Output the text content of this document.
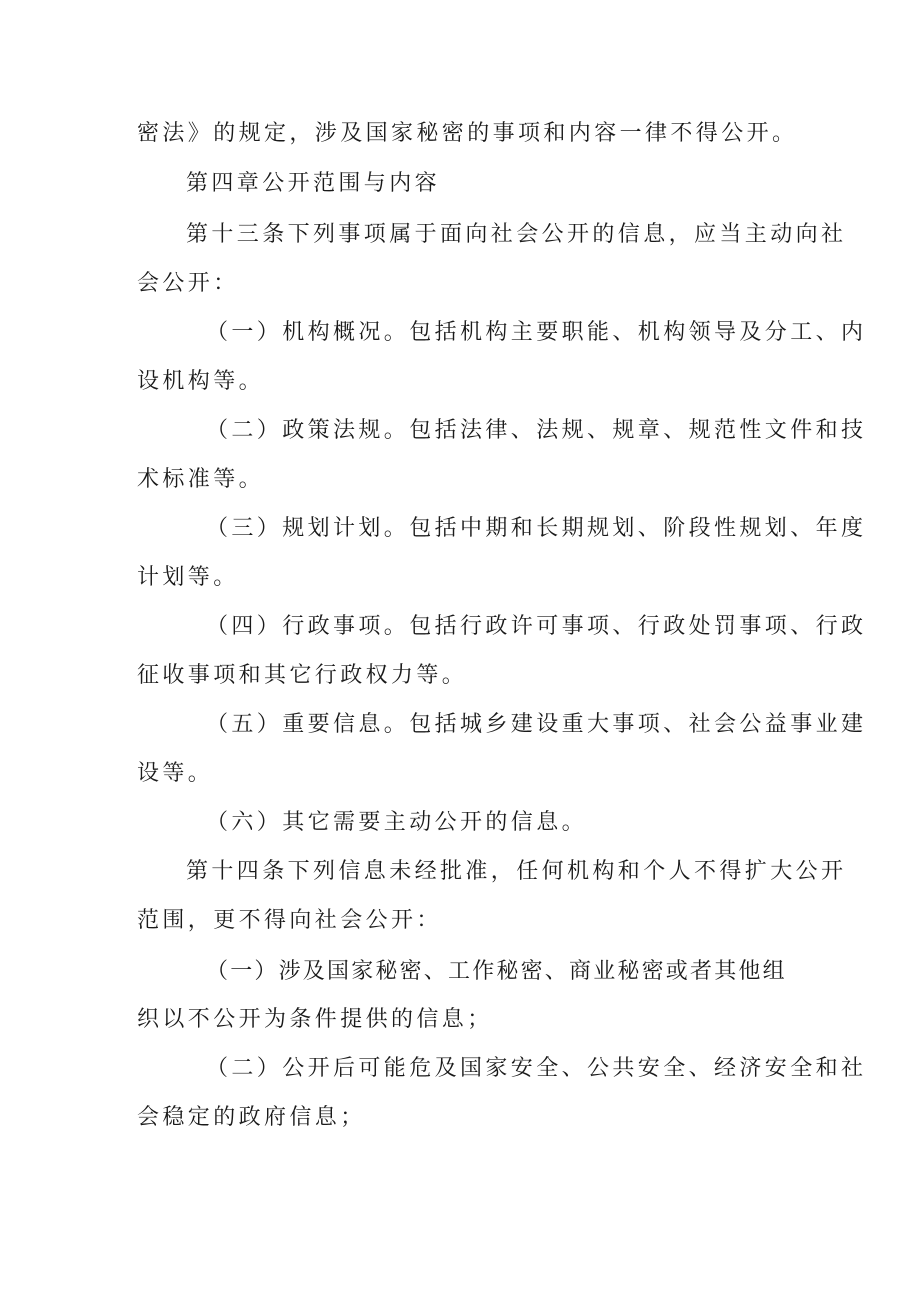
密法》的规定，涉及国家秘密的事项和内容一律不得公开。
第四章公开范围与内容
第十三条下列事项属于面向社会公开的信息，应当主动向社
会公开：
（一）机构概况。包括机构主要职能、机构领导及分工、内
设机构等。
（二）政策法规。包括法律、法规、规章、规范性文件和技
术标准等。
（三）规划计划。包括中期和长期规划、阶段性规划、年度
计划等。
（四）行政事项。包括行政许可事项、行政处罚事项、行政
征收事项和其它行政权力等。
（五）重要信息。包括城乡建设重大事项、社会公益事业建
设等。
（六）其它需要主动公开的信息。
第十四条下列信息未经批准，任何机构和个人不得扩大公开
范围，更不得向社会公开：
（一）涉及国家秘密、工作秘密、商业秘密或者其他组
织以不公开为条件提供的信息；
（二）公开后可能危及国家安全、公共安全、经济安全和社
会稳定的政府信息；
